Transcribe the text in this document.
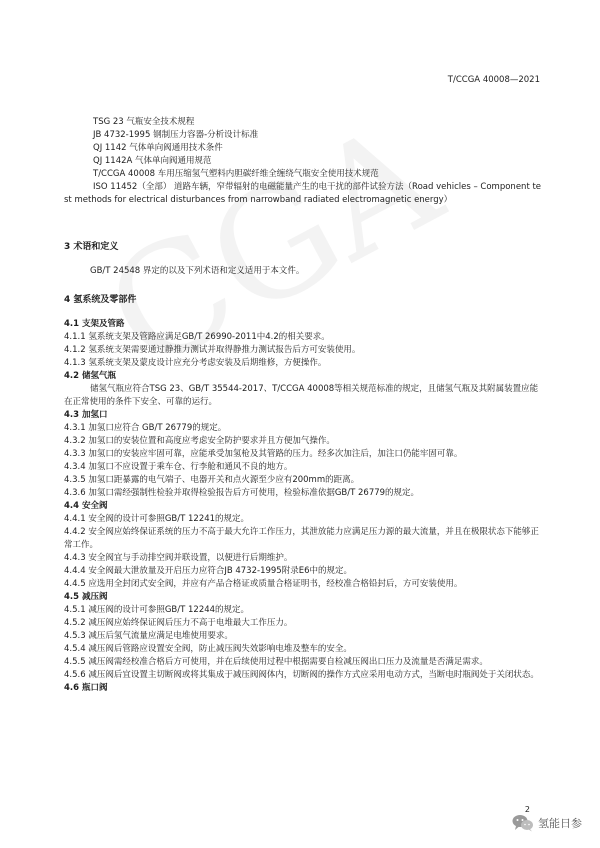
T/CCGA 40008—2021
TSG 23 气瓶安全技术规程
JB 4732-1995 钢制压力容器-分析设计标准
QJ 1142 气体单向阀通用技术条件
QJ 1142A 气体单向阀通用规范
T/CCGA 40008 车用压缩氢气塑料内胆碳纤维全缠绕气瓶安全使用技术规范
ISO 11452（全部） 道路车辆，窄带辐射的电磁能量产生的电干扰的部件试验方法（Road vehicles – Component test methods for electrical disturbances from narrowband radiated electromagnetic energy）
3 术语和定义
GB/T 24548 界定的以及下列术语和定义适用于本文件。
4 氢系统及零部件
4.1 支架及管路
4.1.1 氢系统支架及管路应满足GB/T 26990-2011中4.2的相关要求。
4.1.2 氢系统支架需要通过静推力测试并取得静推力测试报告后方可安装使用。
4.1.3 氢系统支架及蒙皮设计应充分考虑安装及后期维修，方便操作。
4.2 储氢气瓶
储氢气瓶应符合TSG 23、GB/T 35544-2017、T/CCGA 40008等相关规范标准的规定，且储氢气瓶及其附属装置应能在正常使用的条件下安全、可靠的运行。
4.3 加氢口
4.3.1 加氢口应符合 GB/T 26779的规定。
4.3.2 加氢口的安装位置和高度应考虑安全防护要求并且方便加气操作。
4.3.3 加氢口的安装应牢固可靠，应能承受加氢枪及其管路的压力。经多次加注后，加注口仍能牢固可靠。
4.3.4 加氢口不应设置于乘车仓、行李舱和通风不良的地方。
4.3.5 加氢口距暴露的电气端子、电器开关和点火源至少应有200mm的距离。
4.3.6 加氢口需经强制性检验并取得检验报告后方可使用，检验标准依据GB/T 26779的规定。
4.4 安全阀
4.4.1 安全阀的设计可参照GB/T 12241的规定。
4.4.2 安全阀应始终保证系统的压力不高于最大允许工作压力，其泄放能力应满足压力源的最大流量，并且在极限状态下能够正常工作。
4.4.3 安全阀宜与手动排空阀并联设置，以便进行后期维护。
4.4.4 安全阀最大泄放量及开启压力应符合JB 4732-1995附录E6中的规定。
4.4.5 应选用全封闭式安全阀，并应有产品合格证或质量合格证明书，经校准合格铅封后，方可安装使用。
4.5 减压阀
4.5.1 减压阀的设计可参照GB/T 12244的规定。
4.5.2 减压阀应始终保证阀后压力不高于电堆最大工作压力。
4.5.3 减压后氢气流量应满足电堆使用要求。
4.5.4 减压阀后管路应设置安全阀，防止减压阀失效影响电堆及整车的安全。
4.5.5 减压阀需经校准合格后方可使用，并在后续使用过程中根据需要自检减压阀出口压力及流量是否满足需求。
4.5.6 减压阀后宜设置主切断阀或将其集成于减压阀阀体内，切断阀的操作方式应采用电动方式，当断电时瓶阀处于关闭状态。
4.6 瓶口阀
2
氢能日参
